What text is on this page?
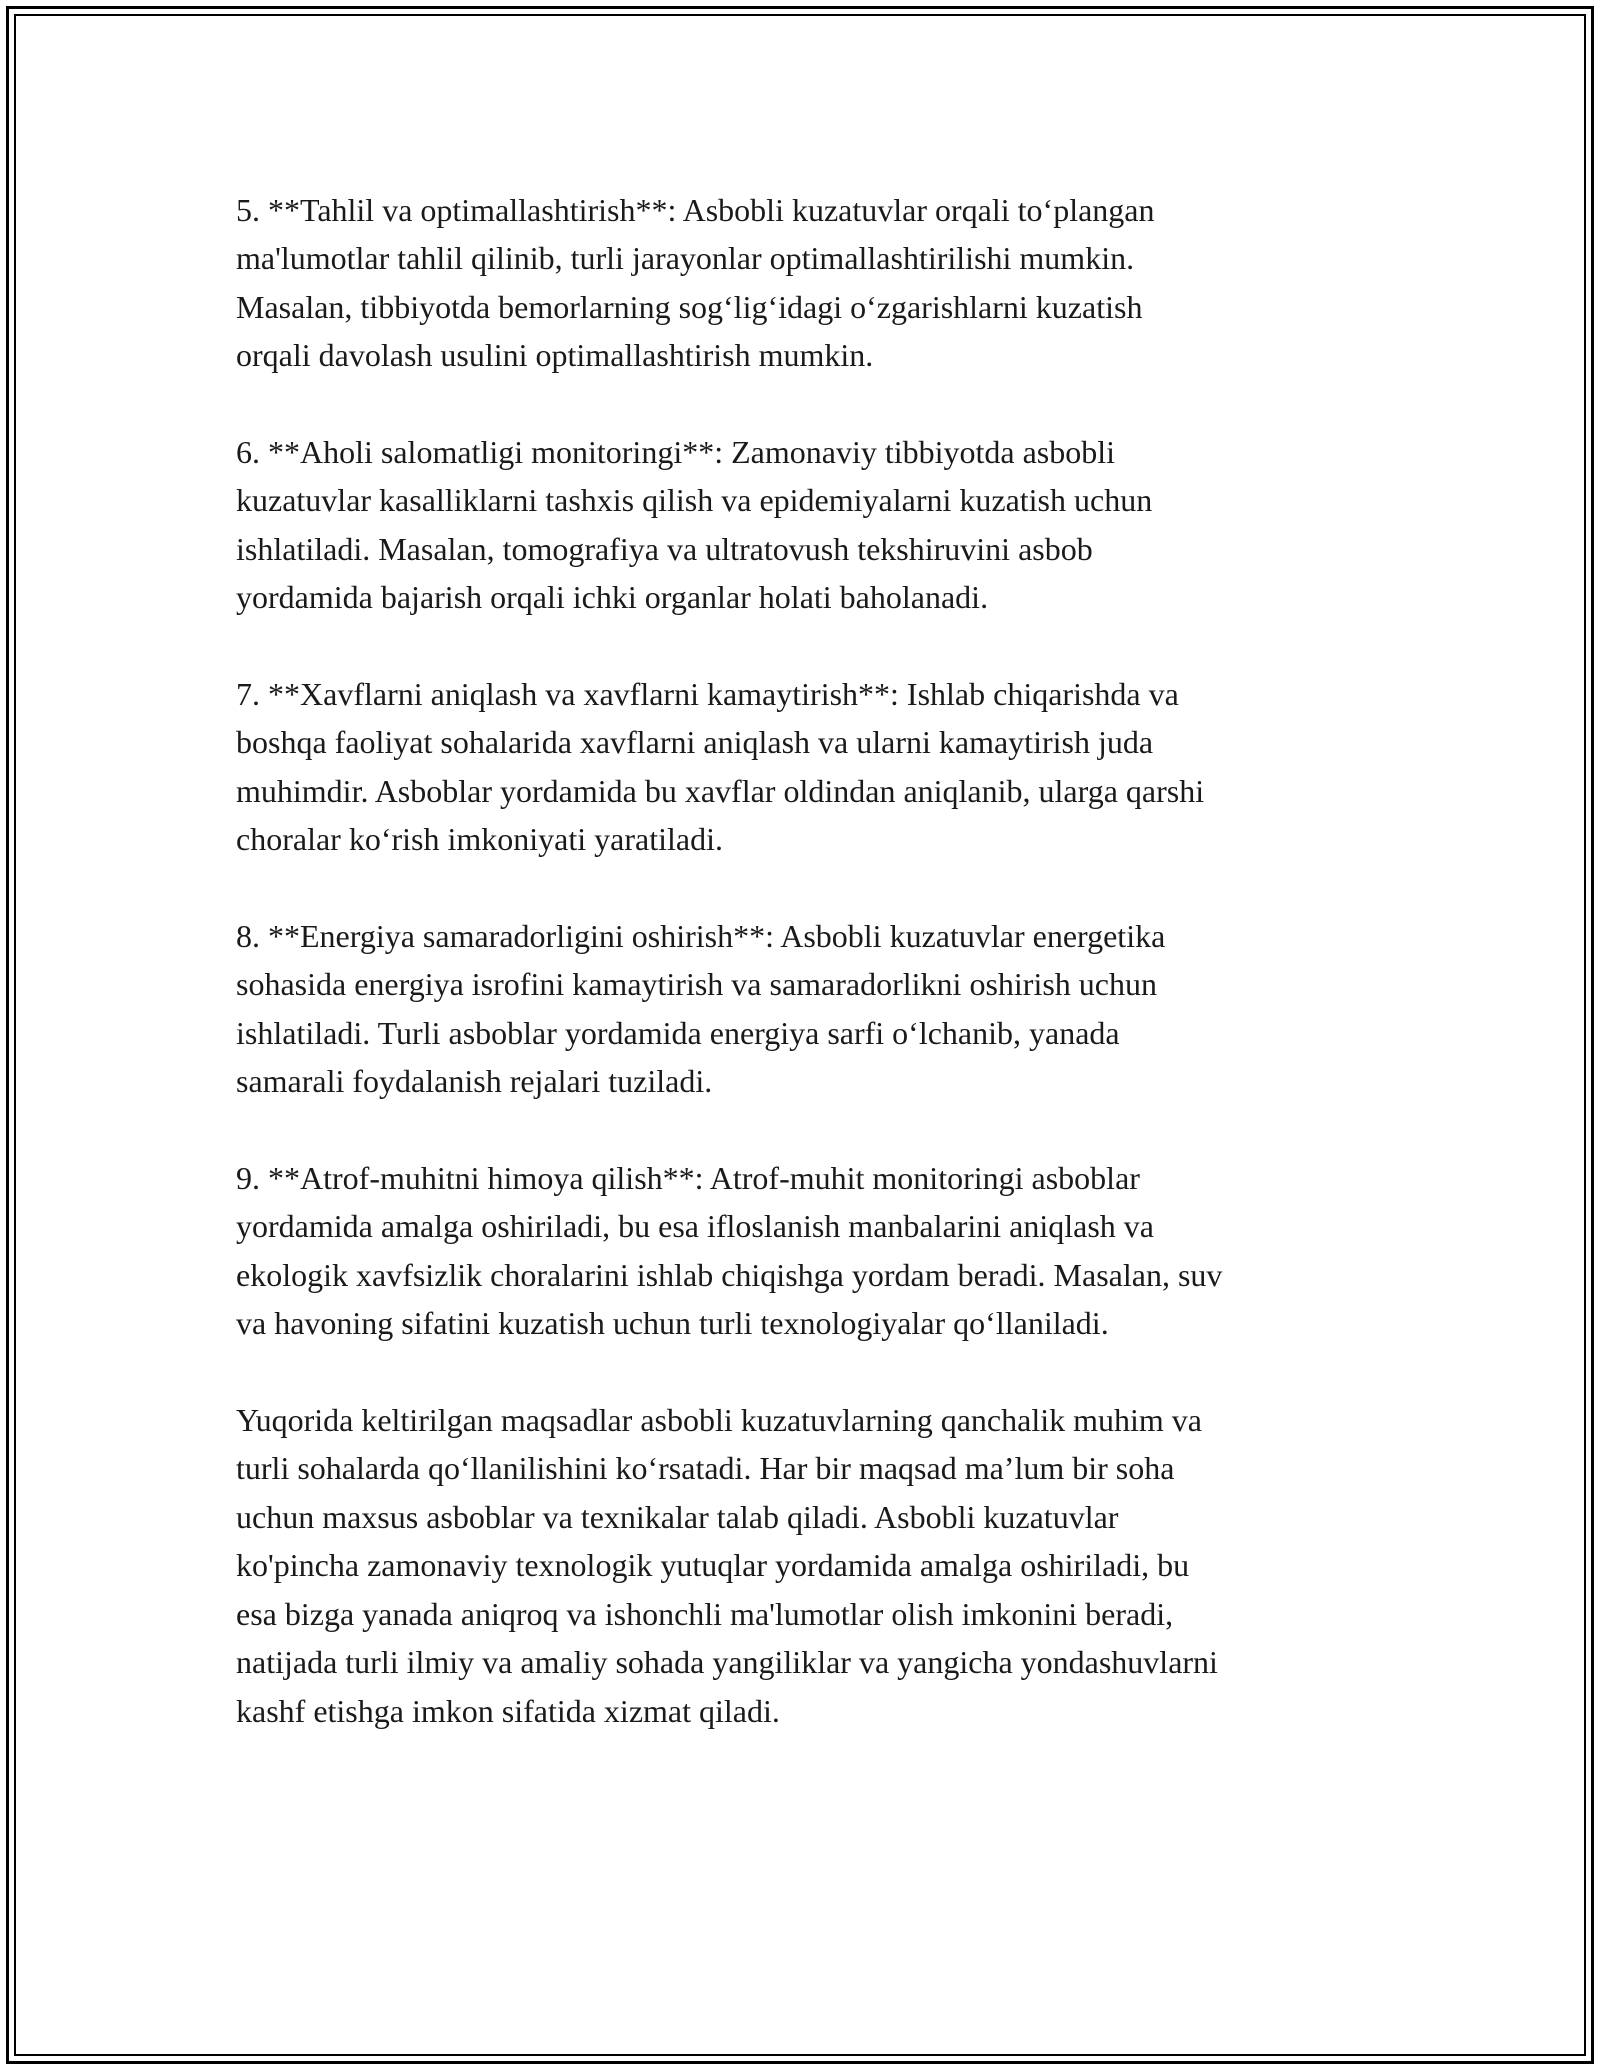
5. **Tahlil va optimallashtirish**: Asbobli kuzatuvlar orqali to‘plangan
ma'lumotlar tahlil qilinib, turli jarayonlar optimallashtirilishi mumkin.
Masalan, tibbiyotda bemorlarning sog‘lig‘idagi o‘zgarishlarni kuzatish
orqali davolash usulini optimallashtirish mumkin.

6. **Aholi salomatligi monitoringi**: Zamonaviy tibbiyotda asbobli
kuzatuvlar kasalliklarni tashxis qilish va epidemiyalarni kuzatish uchun
ishlatiladi. Masalan, tomografiya va ultratovush tekshiruvini asbob
yordamida bajarish orqali ichki organlar holati baholanadi.

7. **Xavflarni aniqlash va xavflarni kamaytirish**: Ishlab chiqarishda va
boshqa faoliyat sohalarida xavflarni aniqlash va ularni kamaytirish juda
muhimdir. Asboblar yordamida bu xavflar oldindan aniqlanib, ularga qarshi
choralar ko‘rish imkoniyati yaratiladi.

8. **Energiya samaradorligini oshirish**: Asbobli kuzatuvlar energetika
sohasida energiya isrofini kamaytirish va samaradorlikni oshirish uchun
ishlatiladi. Turli asboblar yordamida energiya sarfi o‘lchanib, yanada
samarali foydalanish rejalari tuziladi.

9. **Atrof-muhitni himoya qilish**: Atrof-muhit monitoringi asboblar
yordamida amalga oshiriladi, bu esa ifloslanish manbalarini aniqlash va
ekologik xavfsizlik choralarini ishlab chiqishga yordam beradi. Masalan, suv
va havoning sifatini kuzatish uchun turli texnologiyalar qo‘llaniladi.

Yuqorida keltirilgan maqsadlar asbobli kuzatuvlarning qanchalik muhim va
turli sohalarda qo‘llanilishini ko‘rsatadi. Har bir maqsad ma’lum bir soha
uchun maxsus asboblar va texnikalar talab qiladi. Asbobli kuzatuvlar
ko'pincha zamonaviy texnologik yutuqlar yordamida amalga oshiriladi, bu
esa bizga yanada aniqroq va ishonchli ma'lumotlar olish imkonini beradi,
natijada turli ilmiy va amaliy sohada yangiliklar va yangicha yondashuvlarni
kashf etishga imkon sifatida xizmat qiladi.
